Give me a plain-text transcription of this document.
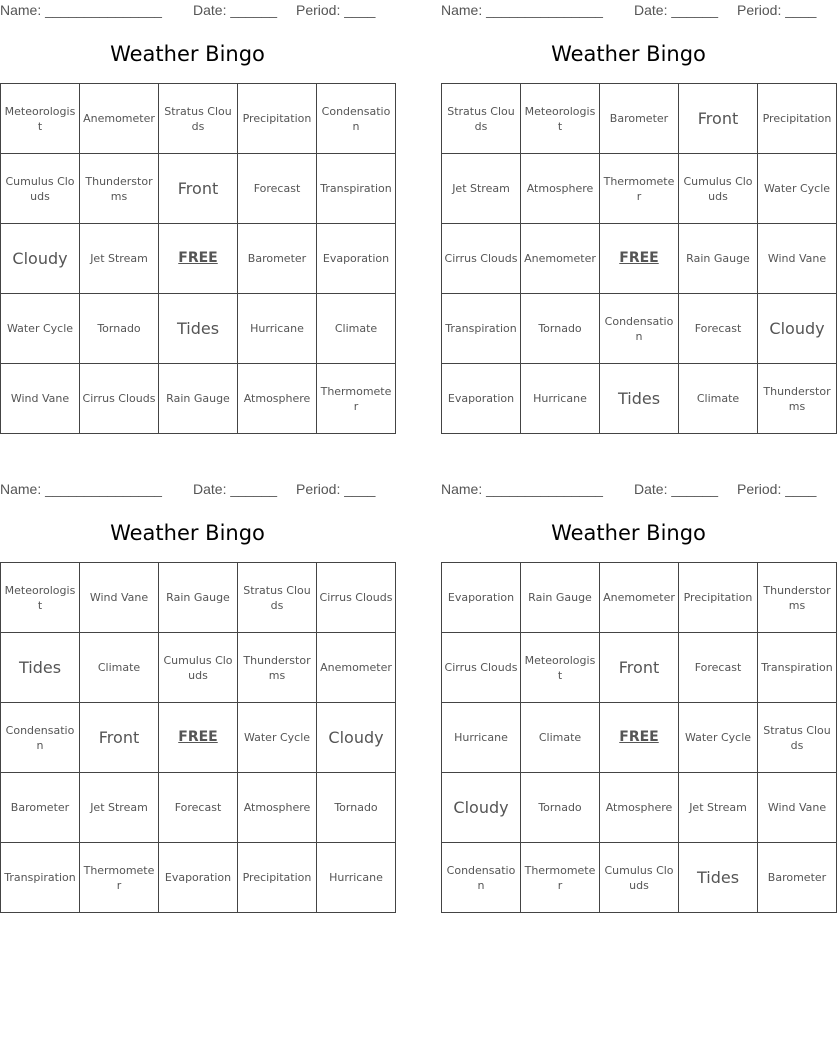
Name: _______________ Date: ______ Period: ____
Weather Bingo
Meteorologist	Anemometer	Stratus Clouds	Precipitation	Condensation
Cumulus Clouds	Thunderstorms	Front	Forecast	Transpiration
Cloudy	Jet Stream	FREE	Barometer	Evaporation
Water Cycle	Tornado	Tides	Hurricane	Climate
Wind Vane	Cirrus Clouds	Rain Gauge	Atmosphere	Thermometer
Name: _______________ Date: ______ Period: ____
Weather Bingo
Stratus Clouds	Meteorologist	Barometer	Front	Precipitation
Jet Stream	Atmosphere	Thermometer	Cumulus Clouds	Water Cycle
Cirrus Clouds	Anemometer	FREE	Rain Gauge	Wind Vane
Transpiration	Tornado	Condensation	Forecast	Cloudy
Evaporation	Hurricane	Tides	Climate	Thunderstorms
Name: _______________ Date: ______ Period: ____
Weather Bingo
Meteorologist	Wind Vane	Rain Gauge	Stratus Clouds	Cirrus Clouds
Tides	Climate	Cumulus Clouds	Thunderstorms	Anemometer
Condensation	Front	FREE	Water Cycle	Cloudy
Barometer	Jet Stream	Forecast	Atmosphere	Tornado
Transpiration	Thermometer	Evaporation	Precipitation	Hurricane
Name: _______________ Date: ______ Period: ____
Weather Bingo
Evaporation	Rain Gauge	Anemometer	Precipitation	Thunderstorms
Cirrus Clouds	Meteorologist	Front	Forecast	Transpiration
Hurricane	Climate	FREE	Water Cycle	Stratus Clouds
Cloudy	Tornado	Atmosphere	Jet Stream	Wind Vane
Condensation	Thermometer	Cumulus Clouds	Tides	Barometer
